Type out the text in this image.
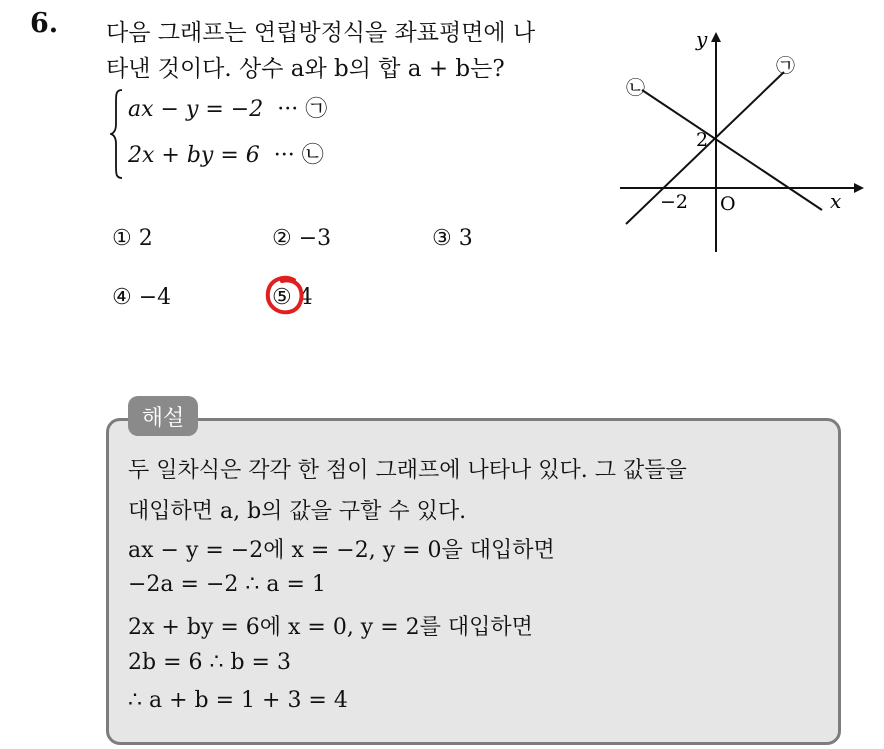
6. 다음 그래프는 연립방정식을 좌표평면에 나
타낸 것이다. 상수 a와 b의 합 a + b는?
ax − y = −2 ··· ㉠
2x + by = 6 ··· ㉡
① 2	② −3	③ 3
④ −4	⑤ 4
y
x
O
−2
2
㉠
㉡
해설
두 일차식은 각각 한 점이 그래프에 나타나 있다. 그 값들을
대입하면 a, b의 값을 구할 수 있다.
ax − y = −2에 x = −2, y = 0을 대입하면
−2a = −2 ∴ a = 1
2x + by = 6에 x = 0, y = 2를 대입하면
2b = 6 ∴ b = 3
∴ a + b = 1 + 3 = 4
